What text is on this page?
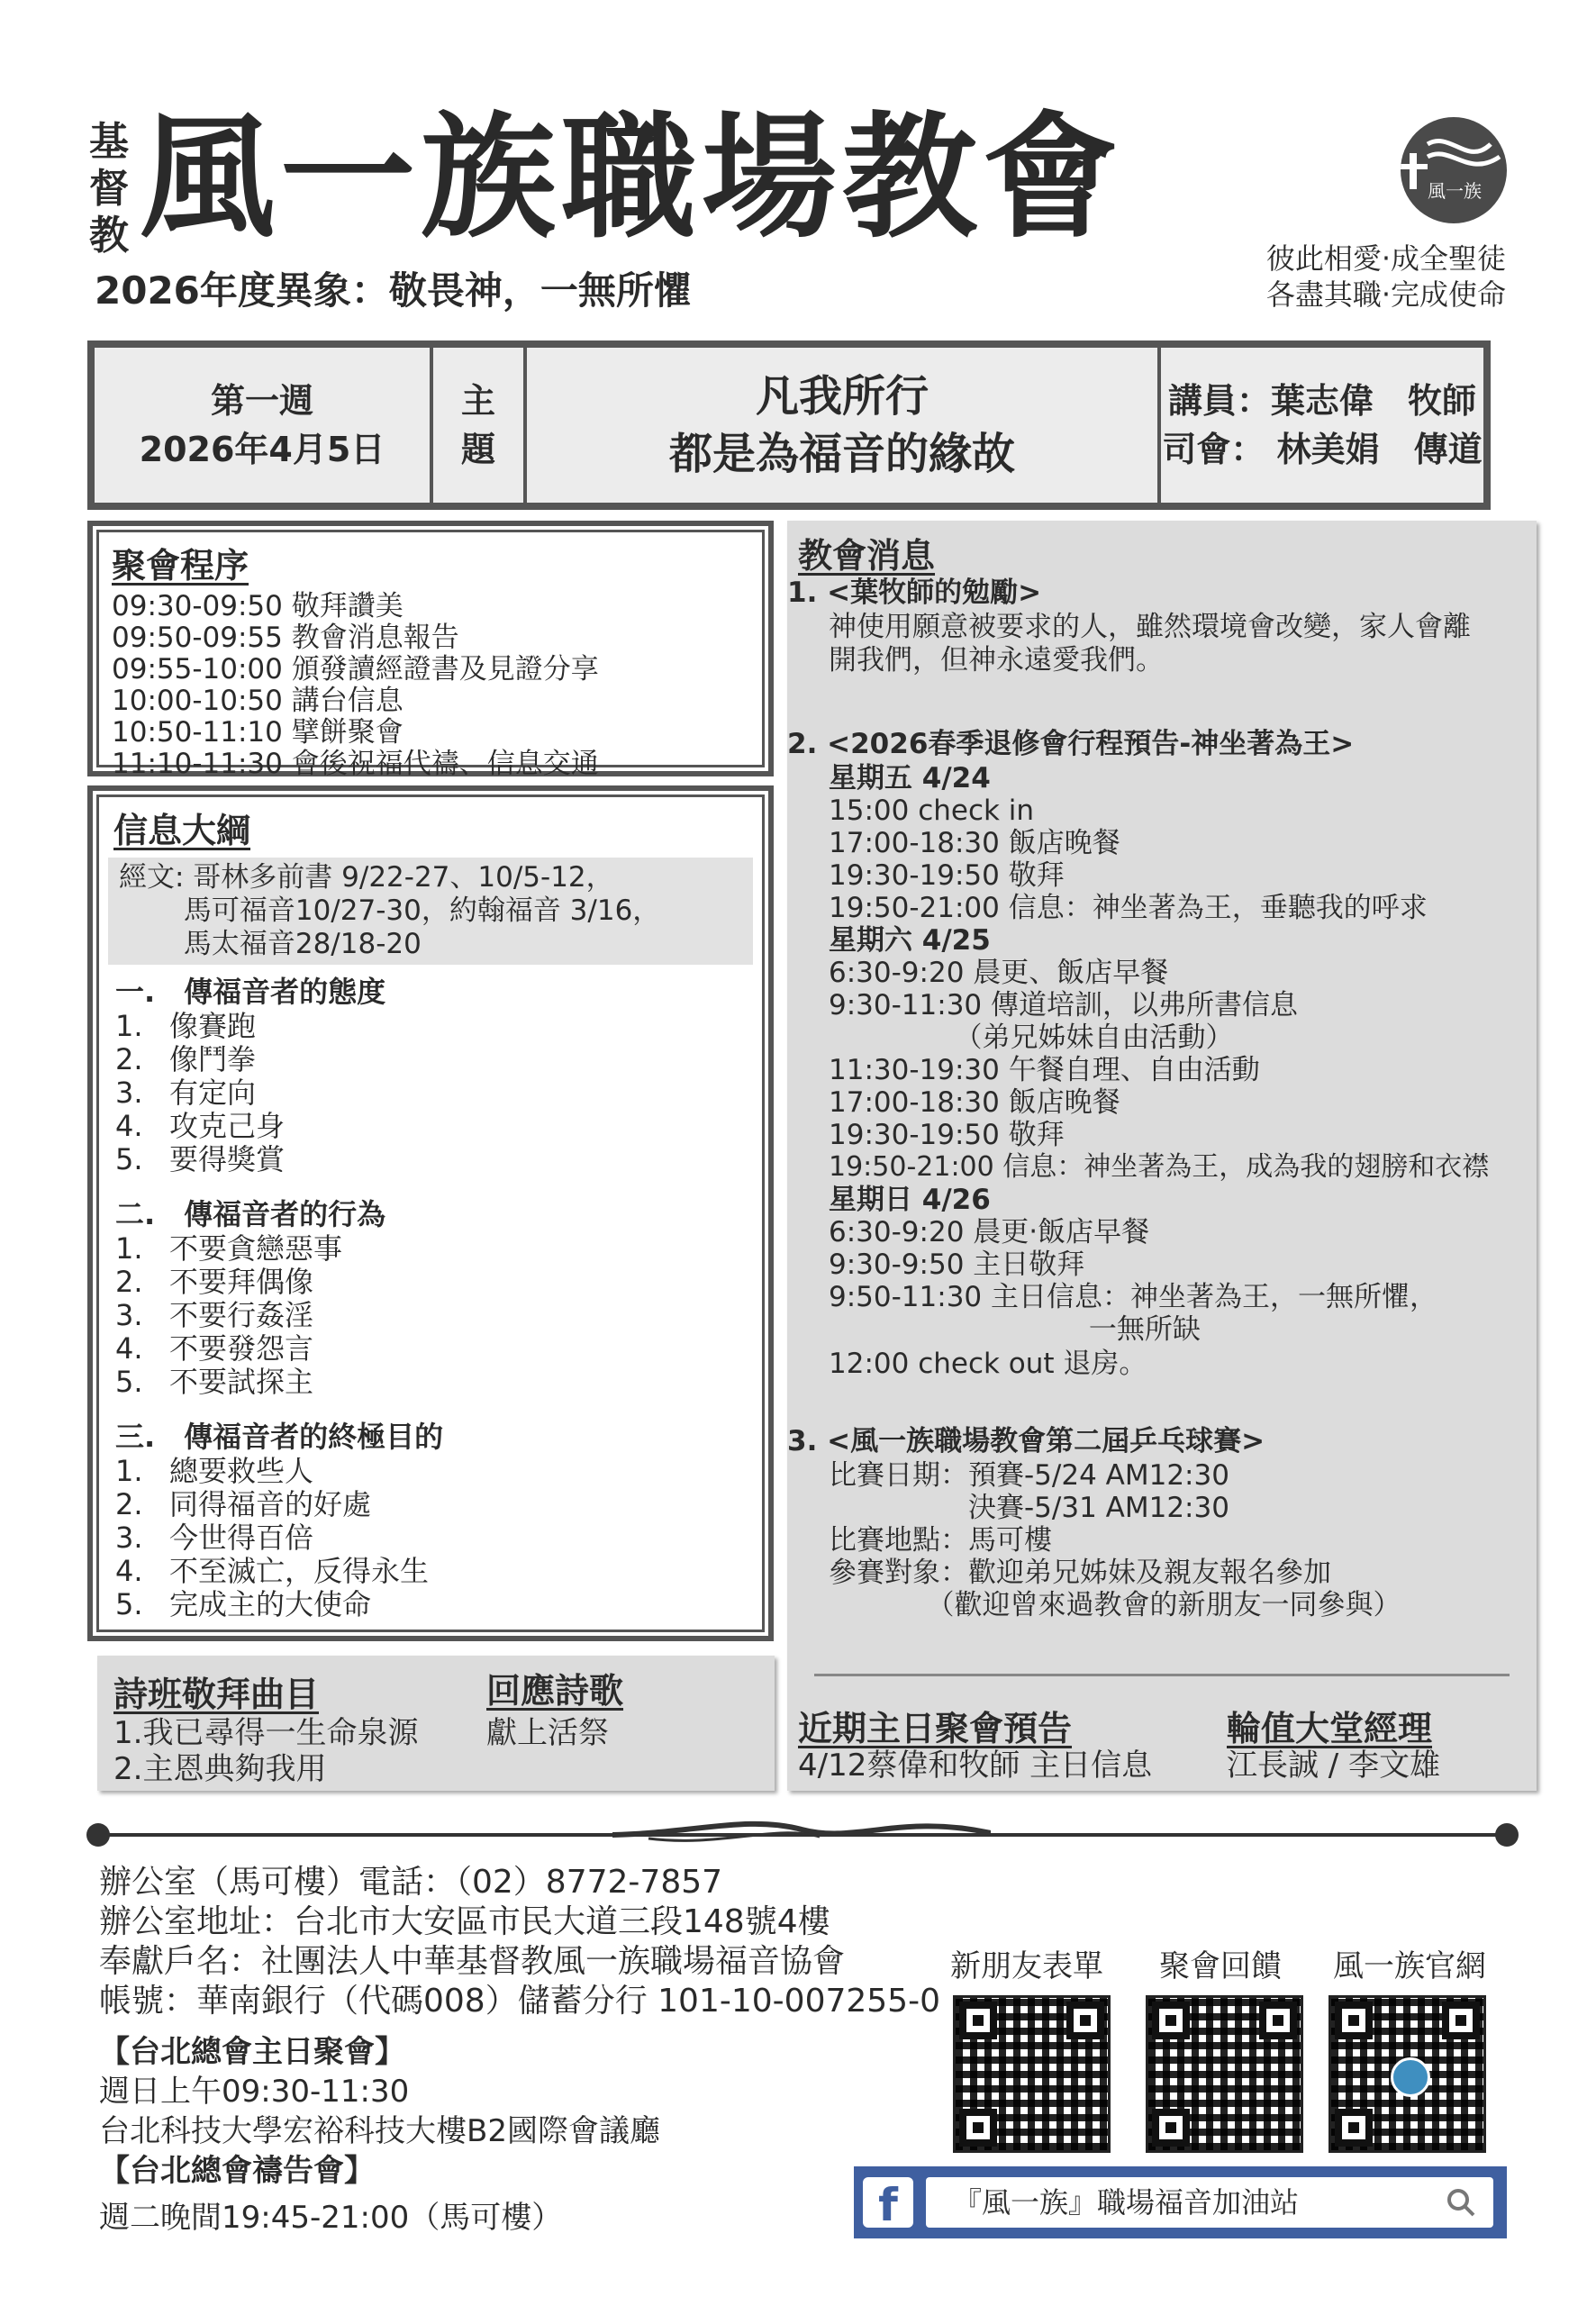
基
督
教 風一族職場教會
2026年度異象：敬畏神，一無所懼
風一族
彼此相愛‧成全聖徒
各盡其職‧完成使命
第一週
2026年4月5日
主
題
凡我所行
都是為福音的緣故
講員：葉志偉　牧師
司會： 林美娟　傳道
聚會程序

09:30-09:50 敬拜讚美

09:50-09:55 教會消息報告

09:55-10:00 頒發讀經證書及見證分享

10:00-10:50 講台信息

10:50-11:10 擘餅聚會

11:10-11:30 會後祝福代禱、信息交通

信息大綱

經文: 哥林多前書 9/22-27、10/5-12，

　　 馬可福音10/27-30，約翰福音 3/16，

　　 馬太福音28/18-20

一.　傳福音者的態度

1. 像賽跑
2. 像鬥拳
3. 有定向
4. 攻克己身
5. 要得獎賞

二.　傳福音者的行為

1. 不要貪戀惡事
2. 不要拜偶像
3. 不要行姦淫
4. 不要發怨言
5. 不要試探主

三.　傳福音者的終極目的

1. 總要救些人
2. 同得福音的好處
3. 今世得百倍
4. 不至滅亡，反得永生
5. 完成主的大使命
詩班敬拜曲目
1.我已尋得一生命泉源
2.主恩典夠我用
回應詩歌
獻上活祭
教會消息

1. <葉牧師的勉勵>

神使用願意被要求的人，雖然環境會改變，家人會離

開我們，但神永遠愛我們。

2. <2026春季退修會行程預告-神坐著為王>

星期五 4/24

15:00 check in

17:00-18:30 飯店晚餐

19:30-19:50 敬拜

19:50-21:00 信息：神坐著為王，垂聽我的呼求

星期六 4/25

6:30-9:20 晨更、飯店早餐

9:30-11:30 傳道培訓，以弗所書信息

　　　　　（弟兄姊妹自由活動）

11:30-19:30 午餐自理、自由活動

17:00-18:30 飯店晚餐

19:30-19:50 敬拜

19:50-21:00 信息：神坐著為王，成為我的翅膀和衣襟

星期日 4/26

6:30-9:20 晨更‧飯店早餐

9:30-9:50 主日敬拜

9:50-11:30 主日信息：神坐著為王，一無所懼，

　　　　　　　　　 一無所缺

12:00 check out 退房。

3. <風一族職場教會第二屆乒乓球賽>

比賽日期：預賽-5/24 AM12:30

　　　　　決賽-5/31 AM12:30

比賽地點：馬可樓

參賽對象：歡迎弟兄姊妹及親友報名參加

　　　　（歡迎曾來過教會的新朋友一同參與）

近期主日聚會預告
4/12蔡偉和牧師 主日信息
輪值大堂經理
江長誠 / 李文雄
辦公室（馬可樓）電話：（02）8772-7857
辦公室地址：台北市大安區市民大道三段148號4樓
奉獻戶名：社團法人中華基督教風一族職場福音協會
帳號：華南銀行（代碼008）儲蓄分行 101-10-007255-0
【台北總會主日聚會】
週日上午09:30-11:30
台北科技大學宏裕科技大樓B2國際會議廳
【台北總會禱告會】
週二晚間19:45-21:00（馬可樓）
新朋友表單 聚會回饋 風一族官網
f	『風一族』職場福音加油站
